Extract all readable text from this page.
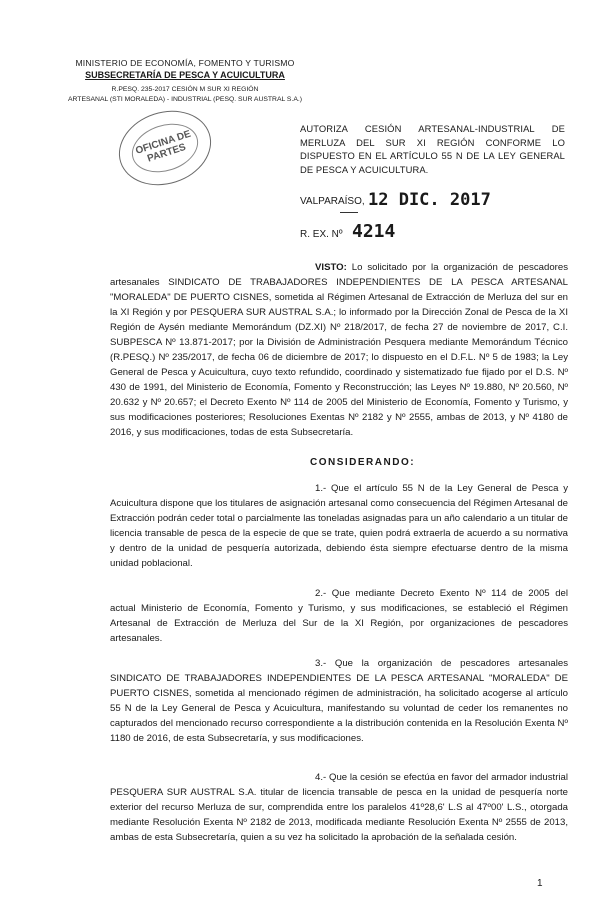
MINISTERIO DE ECONOMÍA, FOMENTO Y TURISMO
SUBSECRETARÍA DE PESCA Y ACUICULTURA
R.PESQ. 235-2017 CESIÓN M SUR XI REGIÓN
ARTESANAL (STI MORALEDA) - INDUSTRIAL (PESQ. SUR AUSTRAL S.A.)
OFICINA DE PARTES
AUTORIZA CESIÓN ARTESANAL-INDUSTRIAL DE MERLUZA DEL SUR XI REGIÓN CONFORME LO DISPUESTO EN EL ARTÍCULO 55 N DE LA LEY GENERAL DE PESCA Y ACUICULTURA.
VALPARAÍSO, 12 DIC. 2017
R. EX. Nº 4214
VISTO: Lo solicitado por la organización de pescadores artesanales SINDICATO DE TRABAJADORES INDEPENDIENTES DE LA PESCA ARTESANAL "MORALEDA" DE PUERTO CISNES, sometida al Régimen Artesanal de Extracción de Merluza del sur en la XI Región y por PESQUERA SUR AUSTRAL S.A.; lo informado por la Dirección Zonal de Pesca de la XI Región de Aysén mediante Memorándum (DZ.XI) Nº 218/2017, de fecha 27 de noviembre de 2017, C.I. SUBPESCA Nº 13.871-2017; por la División de Administración Pesquera mediante Memorándum Técnico (R.PESQ.) Nº 235/2017, de fecha 06 de diciembre de 2017; lo dispuesto en el D.F.L. Nº 5 de 1983; la Ley General de Pesca y Acuicultura, cuyo texto refundido, coordinado y sistematizado fue fijado por el D.S. Nº 430 de 1991, del Ministerio de Economía, Fomento y Reconstrucción; las Leyes Nº 19.880, Nº 20.560, Nº 20.632 y Nº 20.657; el Decreto Exento Nº 114 de 2005 del Ministerio de Economía, Fomento y Turismo, y sus modificaciones posteriores; Resoluciones Exentas Nº 2182 y Nº 2555, ambas de 2013, y Nº 4180 de 2016, y sus modificaciones, todas de esta Subsecretaría.
CONSIDERANDO:
1.- Que el artículo 55 N de la Ley General de Pesca y Acuicultura dispone que los titulares de asignación artesanal como consecuencia del Régimen Artesanal de Extracción podrán ceder total o parcialmente las toneladas asignadas para un año calendario a un titular de licencia transable de pesca de la especie de que se trate, quien podrá extraerla de acuerdo a su normativa y dentro de la unidad de pesquería autorizada, debiendo ésta siempre efectuarse dentro de la misma unidad poblacional.
2.- Que mediante Decreto Exento Nº 114 de 2005 del actual Ministerio de Economía, Fomento y Turismo, y sus modificaciones, se estableció el Régimen Artesanal de Extracción de Merluza del Sur de la XI Región, por organizaciones de pescadores artesanales.
3.- Que la organización de pescadores artesanales SINDICATO DE TRABAJADORES INDEPENDIENTES DE LA PESCA ARTESANAL "MORALEDA" DE PUERTO CISNES, sometida al mencionado régimen de administración, ha solicitado acogerse al artículo 55 N de la Ley General de Pesca y Acuicultura, manifestando su voluntad de ceder los remanentes no capturados del mencionado recurso correspondiente a la distribución contenida en la Resolución Exenta Nº 1180 de 2016, de esta Subsecretaría, y sus modificaciones.
4.- Que la cesión se efectúa en favor del armador industrial PESQUERA SUR AUSTRAL S.A. titular de licencia transable de pesca en la unidad de pesquería norte exterior del recurso Merluza de sur, comprendida entre los paralelos 41º28,6' L.S al 47º00' L.S., otorgada mediante Resolución Exenta Nº 2182 de 2013, modificada mediante Resolución Exenta Nº 2555 de 2013, ambas de esta Subsecretaría, quien a su vez ha solicitado la aprobación de la señalada cesión.
1
